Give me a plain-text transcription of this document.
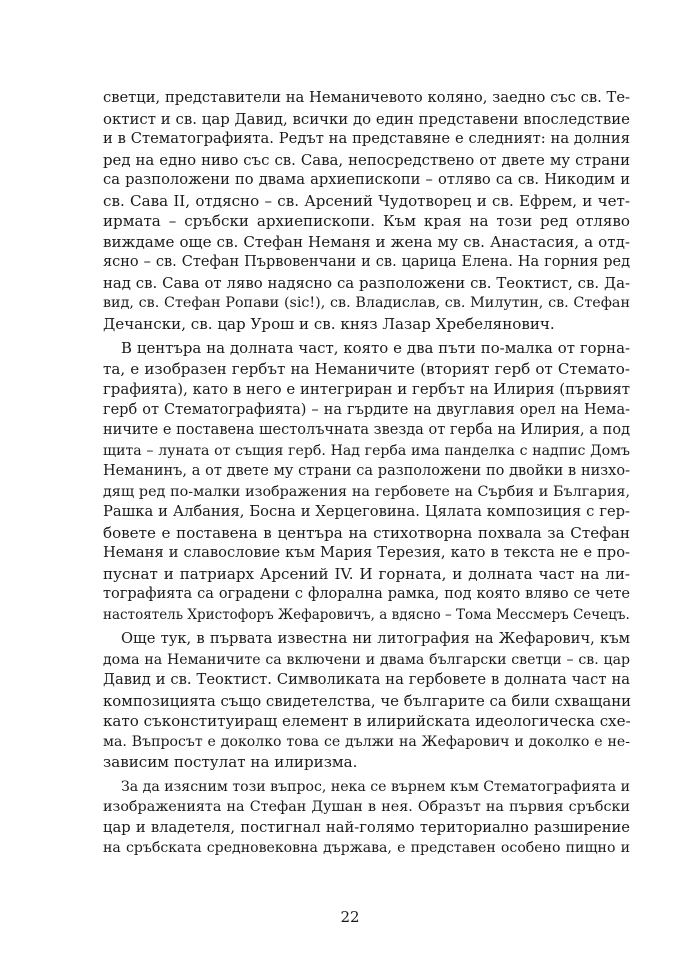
светци, представители на Неманичевото коляно, заедно със св. Те-
октист и св. цар Давид, всички до един представени впоследствие
и в Стематографията. Редът на представяне е следният: на долния
ред на едно ниво със св. Сава, непосредствено от двете му страни
са разположени по двама архиепископи – отляво са св. Никодим и
св. Сава II, отдясно – св. Арсений Чудотворец и св. Ефрем, и чет-
ирмата – сръбски архиепископи. Към края на този ред отляво
виждаме още св. Стефан Неманя и жена му св. Анастасия, а отд-
ясно – св. Стефан Първовенчани и св. царица Елена. На горния ред
над св. Сава от ляво надясно са разположени св. Теоктист, св. Да-
вид, св. Стефан Ропави (sic!), св. Владислав, св. Милутин, св. Стефан
Дечански, св. цар Урош и св. княз Лазар Хребелянович.
В центъра на долната част, която е два пъти по-малка от горна-
та, е изобразен гербът на Неманичите (вторият герб от Стемато-
графията), като в него е интегриран и гербът на Илирия (първият
герб от Стематографията) – на гърдите на двуглавия орел на Нема-
ничите е поставена шестолъчната звезда от герба на Илирия, а под
щита – луната от същия герб. Над герба има панделка с надпис Домъ
Неманинъ, а от двете му страни са разположени по двойки в низхо-
дящ ред по-малки изображения на гербовете на Сърбия и България,
Рашка и Албания, Босна и Херцеговина. Цялата композиция с гер-
бовете е поставена в центъра на стихотворна похвала за Стефан
Неманя и славословие към Мария Терезия, като в текста не е про-
пуснат и патриарх Арсений IV. И горната, и долната част на ли-
тографията са оградени с флорална рамка, под която вляво се чете
настоятель Христофоръ Жефаровичъ, а вдясно – Тома Мессмеръ Сечецъ.
Още тук, в първата известна ни литография на Жефарович, към
дома на Неманичите са включени и двама български светци – св. цар
Давид и св. Теоктист. Символиката на гербовете в долната част на
композицията също свидетелства, че българите са били схващани
като съконституиращ елемент в илирийската идеологическа схе-
ма. Въпросът е доколко това се дължи на Жефарович и доколко е не-
зависим постулат на илиризма.
За да изясним този въпрос, нека се върнем към Стематографията и
изображенията на Стефан Душан в нея. Образът на първия сръбски
цар и владетеля, постигнал най-голямо териториално разширение
на сръбската средновековна държава, е представен особено пищно и
22
